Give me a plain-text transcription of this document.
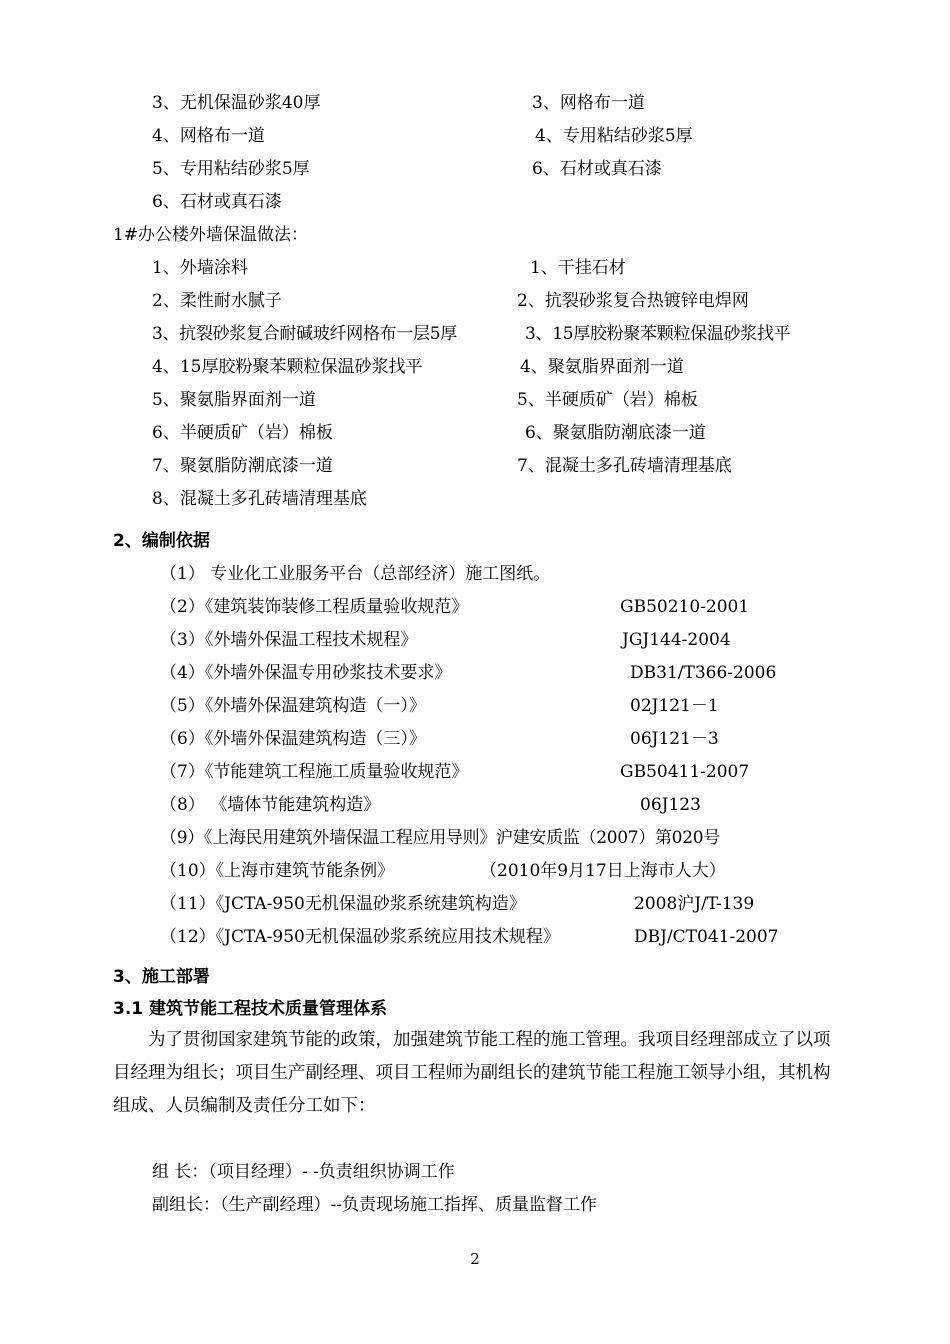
3、无机保温砂浆40厚	3、网格布一道
4、网格布一道	4、专用粘结砂浆5厚
5、专用粘结砂浆5厚	6、石材或真石漆
6、石材或真石漆
1#办公楼外墙保温做法：
1、外墙涂料	1、干挂石材
2、柔性耐水腻子	2、抗裂砂浆复合热镀锌电焊网
3、抗裂砂浆复合耐碱玻纤网格布一层5厚	3、15厚胶粉聚苯颗粒保温砂浆找平
4、15厚胶粉聚苯颗粒保温砂浆找平	4、聚氨脂界面剂一道
5、聚氨脂界面剂一道	5、半硬质矿（岩）棉板
6、半硬质矿（岩）棉板	6、聚氨脂防潮底漆一道
7、聚氨脂防潮底漆一道	7、混凝土多孔砖墙清理基底
8、混凝土多孔砖墙清理基底
2、编制依据
（1） 专业化工业服务平台（总部经济）施工图纸。
（2）《建筑装饰装修工程质量验收规范》	GB50210-2001
（3）《外墙外保温工程技术规程》	JGJ144-2004
（4）《外墙外保温专用砂浆技术要求》	DB31/T366-2006
（5）《外墙外保温建筑构造（一）》	02J121－1
（6）《外墙外保温建筑构造（三）》	06J121－3
（7）《节能建筑工程施工质量验收规范》	GB50411-2007
（8） 《墙体节能建筑构造》	06J123
（9）《上海民用建筑外墙保温工程应用导则》沪建安质监（2007）第020号
（10）《上海市建筑节能条例》	（2010年9月17日上海市人大）
（11）《JCTA-950无机保温砂浆系统建筑构造》	2008沪J/T-139
（12）《JCTA-950无机保温砂浆系统应用技术规程》	DBJ/CT041-2007
3、施工部署
3.1 建筑节能工程技术质量管理体系
为了贯彻国家建筑节能的政策，加强建筑节能工程的施工管理。我项目经理部成立了以项目经理为组长；项目生产副经理、项目工程师为副组长的建筑节能工程施工领导小组，其机构组成、人员编制及责任分工如下：
组 长：（项目经理）- -负责组织协调工作
副组长：（生产副经理）--负责现场施工指挥、质量监督工作
2
